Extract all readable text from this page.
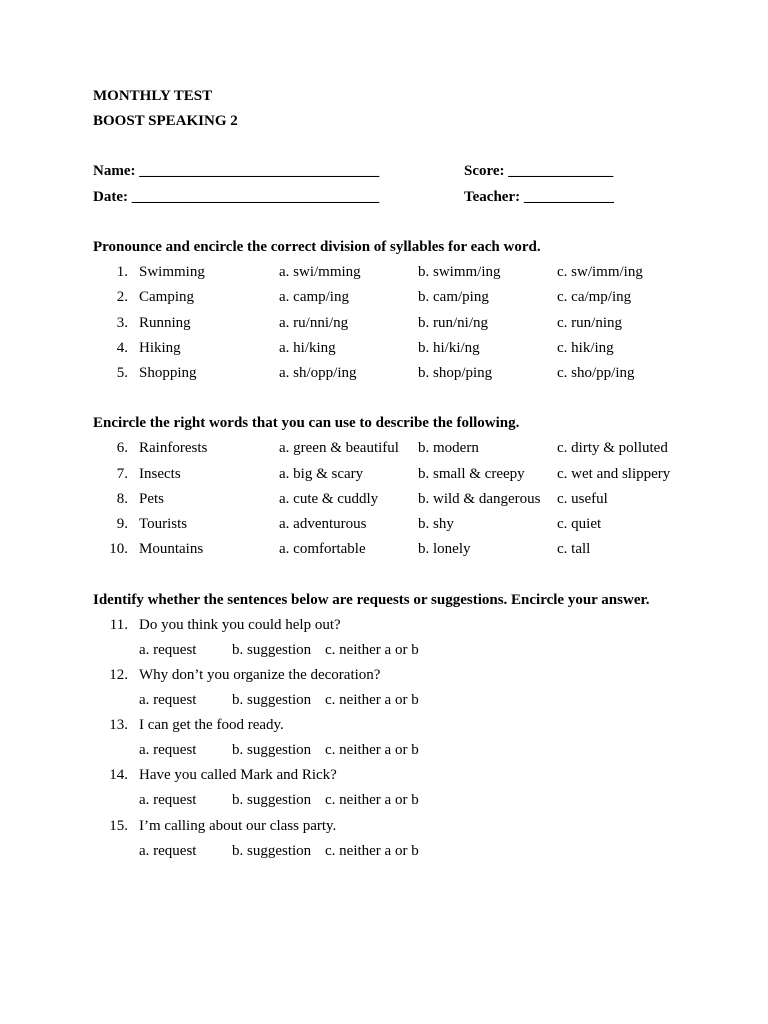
MONTHLY TEST
BOOST SPEAKING 2
Name: ________________________________	Score: ______________
Date: _________________________________	Teacher: ____________
Pronounce and encircle the correct division of syllables for each word.
1. Swimming	a. swi/mming	b. swimm/ing	c. sw/imm/ing
2. Camping	a. camp/ing	b. cam/ping	c. ca/mp/ing
3. Running	a. ru/nni/ng	b. run/ni/ng	c. run/ning
4. Hiking	a. hi/king	b. hi/ki/ng	c. hik/ing
5. Shopping	a. sh/opp/ing	b. shop/ping	c. sho/pp/ing
Encircle the right words that you can use to describe the following.
6. Rainforests	a. green & beautiful b. modern	c. dirty & polluted
7. Insects	a. big & scary	b. small & creepy c. wet and slippery
8. Pets	a. cute & cuddly	b. wild & dangerous c. useful
9. Tourists	a. adventurous	b. shy	c. quiet
10. Mountains	a. comfortable	b. lonely	c. tall
Identify whether the sentences below are requests or suggestions. Encircle your answer.
11. Do you think you could help out?
a. request b. suggestion c. neither a or b
12. Why don’t you organize the decoration?
a. request b. suggestion c. neither a or b
13. I can get the food ready.
a. request b. suggestion c. neither a or b
14. Have you called Mark and Rick?
a. request b. suggestion c. neither a or b
15. I’m calling about our class party.
a. request b. suggestion c. neither a or b
